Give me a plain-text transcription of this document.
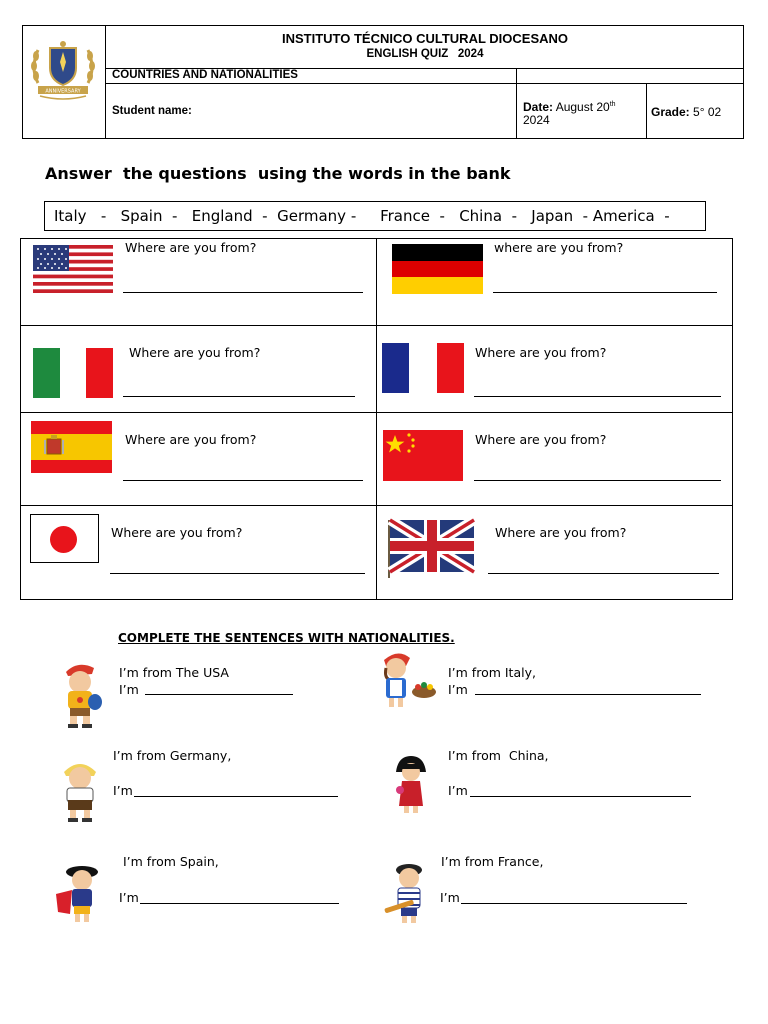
ANNIVERSARY
INSTITUTO TÉCNICO CULTURAL DIOCESANO
ENGLISH QUIZ   2024
COUNTRIES AND NATIONALITIES
Student name:	Date: August 20th
2024
Grade: 5° 02
Answer  the questions  using the words in the bank
Italy   -   Spain  -   England  -  Germany -     France  -   China  -   Japan  - America  -
Where are you from?	where are you from?
Where are you from?	Where are you from?
Where are you from?	Where are you from?
Where are you from?	Where are you from?
COMPLETE THE SENTENCES WITH NATIONALITIES.
I’m from The USA
I’m
I’m from Italy,
I’m
I’m from Germany,
I’m
I’m from  China,
I’m
I’m from Spain,
I’m
I’m from France,
I’m
